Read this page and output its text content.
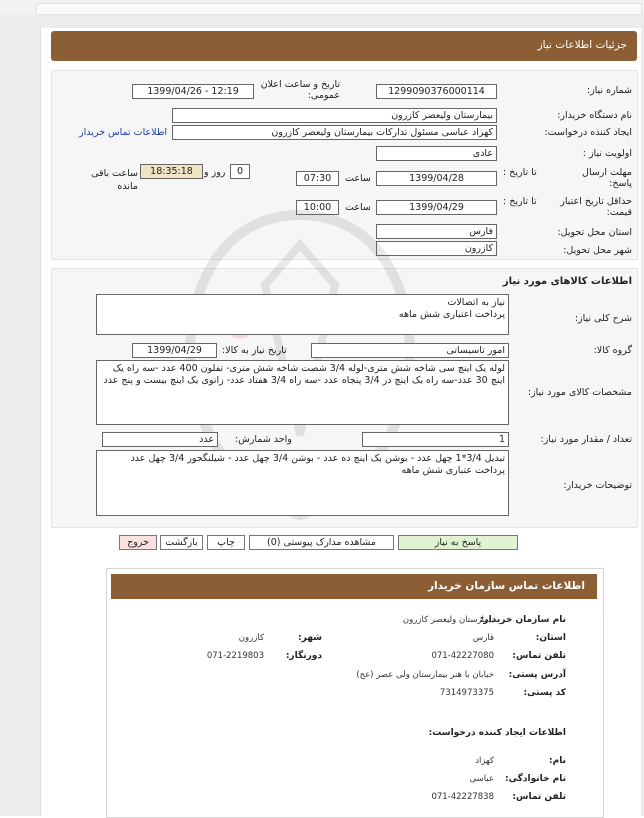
جزئیات اطلاعات نیاز
شماره نیاز:
1299090376000114
تاریخ و ساعت اعلان عمومی:
1399/04/26 - 12:19
نام دستگاه خریدار:
بیمارستان ولیعصر کازرون
ایجاد کننده درخواست:
کهزاد عباسی مسئول تدارکات بیمارستان ولیعصر کازرون
اطلاعات تماس خریدار
اولویت نیاز :
عادی
مهلت ارسال پاسخ:
تا تاریخ :
1399/04/28
ساعت
07:30
0
روز و
18:35:18
ساعت باقی مانده
حداقل تاریخ اعتبار قیمت:
تا تاریخ :
1399/04/29
ساعت
10:00
استان محل تحویل:
فارس
شهر محل تحویل:
کازرون
اطلاعات کالاهای مورد نیاز
شرح کلی نیاز:
نیاز به اتصالات
پرداخت اعتباری شش ماهه
گروه کالا:
امور تاسیساتی
تاریخ نیاز به کالا:
1399/04/29
مشخصات کالای مورد نیاز:
لوله یک اینچ سی شاخه شش متری-لوله 3/4 شصت شاخه شش متری- تفلون 400 عدد -سه راه یک اینچ 30 عدد-سه راه یک اینچ در 3/4 پنجاه عدد -سه راه 3/4 هفتاد عدد- زانوی یک اینچ بیست و پنج عدد
تعداد / مقدار مورد نیاز:
1
واحد شمارش:
عدد
توضیحات خریدار:
تبدیل 3/4*1 چهل عدد - بوشن یک اینچ ده عدد - بوشن 3/4 چهل عدد - شیلنگجور 3/4 چهل عدد پرداخت عتباری شش ماهه
پاسخ به نیاز
مشاهده مدارک پیوستی (0)
چاپ
بازگشت
خروج
اطلاعات تماس سازمان خریدار
نام سازمان خریدار:
بیمارستان ولیعصر کازرون
استان:
فارس
شهر:
کازرون
تلفن تماس:
071-42227080
دورنگار:
071-2219803
آدرس پستی:
خیابان با هنر بیمارستان ولی عصر (عج)
کد پستی:
7314973375
اطلاعات ایجاد کننده درخواست:
نام:
کهزاد
نام خانوادگی:
عباسی
تلفن تماس:
071-42227838
